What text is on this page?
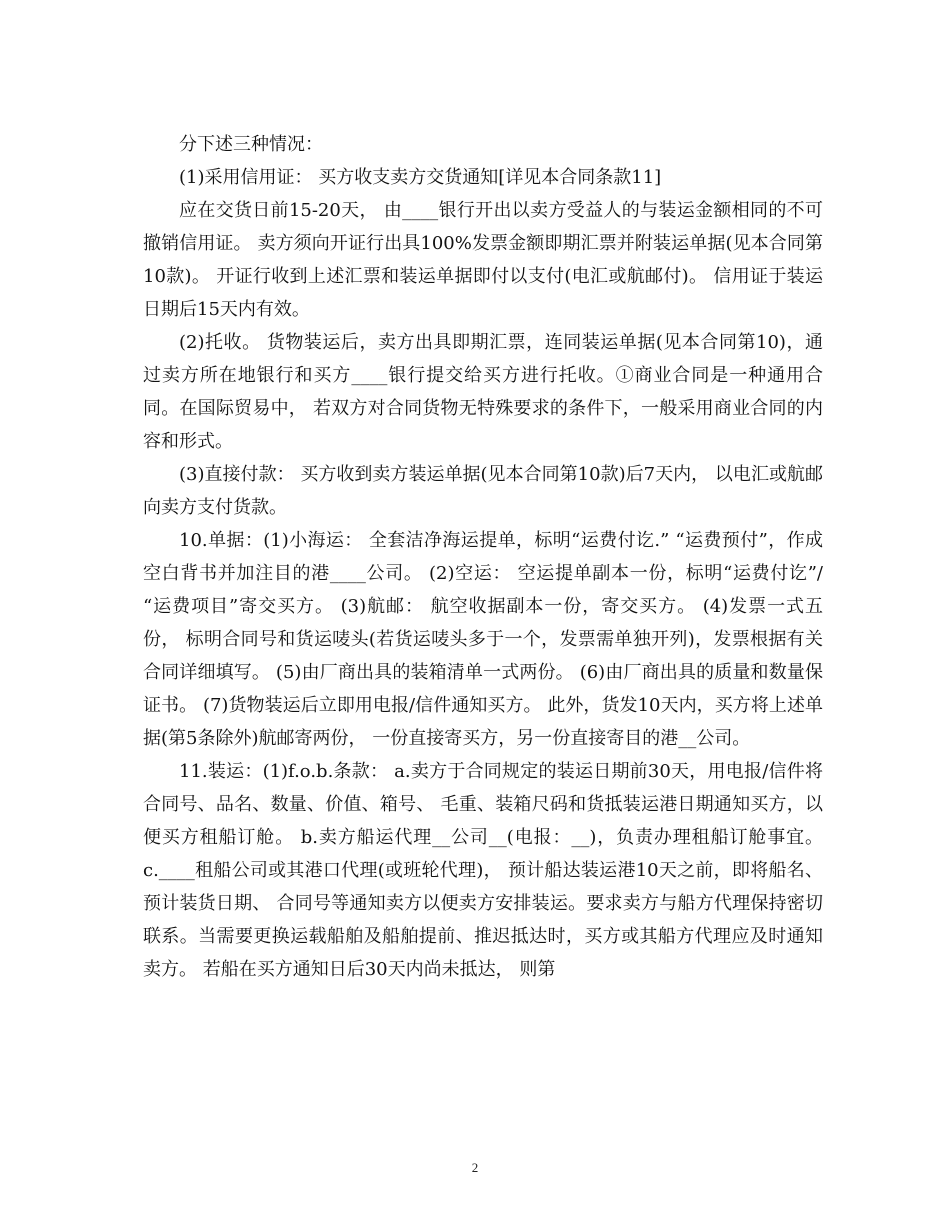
分下述三种情况：

(1)采用信用证： 买方收支卖方交货通知[详见本合同条款11]

应在交货日前15-20天， 由____银行开出以卖方受益人的与装运金额相同的不可撤销信用证。 卖方须向开证行出具100%发票金额即期汇票并附装运单据(见本合同第10款)。 开证行收到上述汇票和装运单据即付以支付(电汇或航邮付)。 信用证于装运日期后15天内有效。

(2)托收。 货物装运后，卖方出具即期汇票，连同装运单据(见本合同第10)，通过卖方所在地银行和买方____银行提交给买方进行托收。①商业合同是一种通用合同。在国际贸易中， 若双方对合同货物无特殊要求的条件下，一般采用商业合同的内容和形式。

(3)直接付款： 买方收到卖方装运单据(见本合同第10款)后7天内， 以电汇或航邮向卖方支付货款。

10.单据：(1)小海运： 全套洁净海运提单，标明“运费付讫.” “运费预付”，作成空白背书并加注目的港____公司。 (2)空运： 空运提单副本一份，标明“运费付讫”/ “运费项目”寄交买方。 (3)航邮： 航空收据副本一份，寄交买方。 (4)发票一式五份， 标明合同号和货运唛头(若货运唛头多于一个，发票需单独开列)，发票根据有关合同详细填写。 (5)由厂商出具的装箱清单一式两份。 (6)由厂商出具的质量和数量保证书。 (7)货物装运后立即用电报/信件通知买方。 此外，货发10天内，买方将上述单据(第5条除外)航邮寄两份， 一份直接寄买方，另一份直接寄目的港__公司。

11.装运：(1)f.o.b.条款： a.卖方于合同规定的装运日期前30天，用电报/信件将合同号、品名、数量、价值、箱号、 毛重、装箱尺码和货抵装运港日期通知买方，以便买方租船订舱。 b.卖方船运代理__公司__(电报：__)，负责办理租船订舱事宜。 c.____租船公司或其港口代理(或班轮代理)， 预计船达装运港10天之前，即将船名、预计装货日期、 合同号等通知卖方以便卖方安排装运。要求卖方与船方代理保持密切联系。当需要更换运载船舶及船舶提前、推迟抵达时，买方或其船方代理应及时通知卖方。 若船在买方通知日后30天内尚未抵达， 则第

2
